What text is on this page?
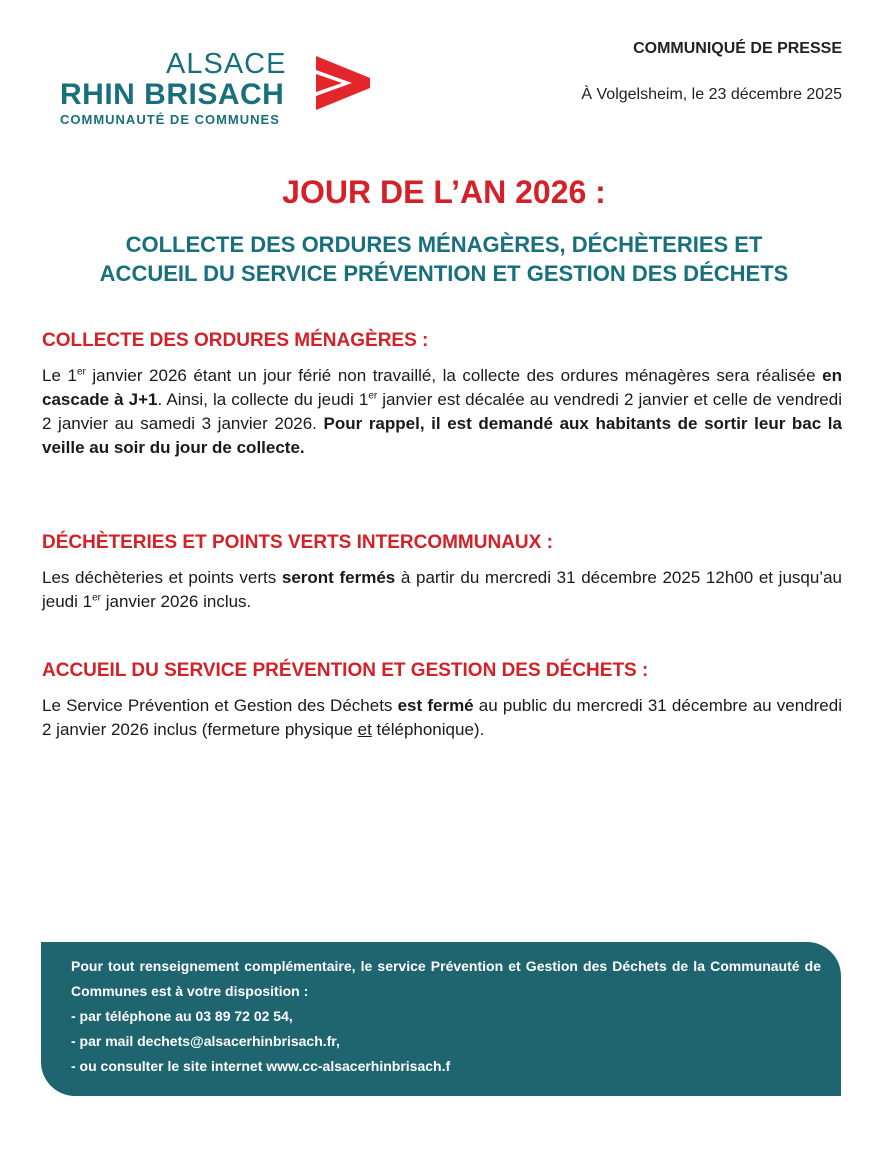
ALSACE
RHIN BRISACH
COMMUNAUTÉ DE COMMUNES
COMMUNIQUÉ DE PRESSE
À Volgelsheim, le 23 décembre 2025
JOUR DE L’AN 2026 :
COLLECTE DES ORDURES MÉNAGÈRES, DÉCHÈTERIES ET
ACCUEIL DU SERVICE PRÉVENTION ET GESTION DES DÉCHETS
COLLECTE DES ORDURES MÉNAGÈRES :
Le 1er janvier 2026 étant un jour férié non travaillé, la collecte des ordures ménagères sera réalisée en cascade à J+1. Ainsi, la collecte du jeudi 1er janvier est décalée au vendredi 2 janvier et celle de vendredi 2 janvier au samedi 3 janvier 2026. Pour rappel, il est demandé aux habitants de sortir leur bac la veille au soir du jour de collecte.
DÉCHÈTERIES ET POINTS VERTS INTERCOMMUNAUX :
Les déchèteries et points verts seront fermés à partir du mercredi 31 décembre 2025 12h00 et jusqu’au jeudi 1er janvier 2026 inclus.
ACCUEIL DU SERVICE PRÉVENTION ET GESTION DES DÉCHETS :
Le Service Prévention et Gestion des Déchets est fermé au public du mercredi 31 décembre au vendredi 2 janvier 2026 inclus (fermeture physique et téléphonique).
Pour tout renseignement complémentaire, le service Prévention et Gestion des Déchets de la Communauté de Communes est à votre disposition :
- par téléphone au 03 89 72 02 54,
- par mail dechets@alsacerhinbrisach.fr,
- ou consulter le site internet www.cc-alsacerhinbrisach.f
